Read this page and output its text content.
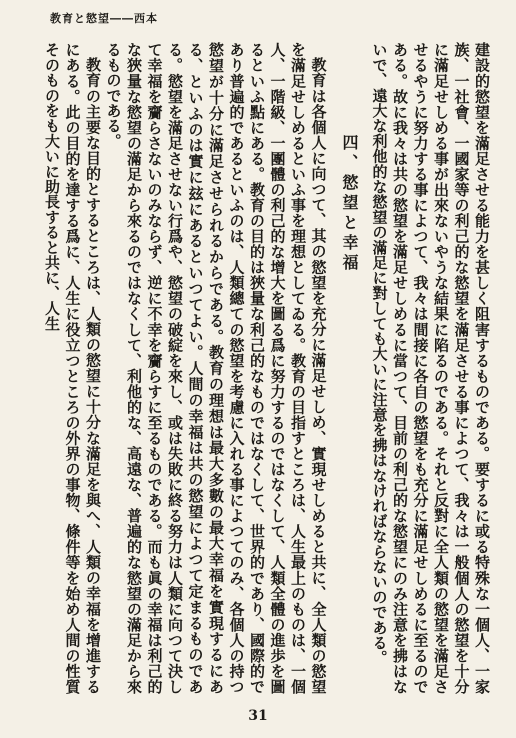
教育と慾望――西本

建設的慾望を滿足させる能力を甚しく阻害するものである。要するに或る特殊な一個人、一家族、一社會、一國家等の利己的な慾望を滿足させる事によつて、我々は一般個人の慾望を十分に滿足せしめる事が出來ないやうな結果に陷るのである。それと反對に全人類の慾望を滿足させるやうに努力する事によつて、我々は間接に各自の慾望をも充分に滿足せしめるに至るのである。故に我々は共の慾望を滿足せしめるに當つて、目前の利己的な慾望にのみ注意を拂はないで、遠大な利他的な慾望の滿足に對しても大いに注意を拂はなければならないのである。

四、慾望と幸福

教育は各個人に向つて、其の慾望を充分に滿足せしめ、實現せしめると共に、全人類の慾望を滿足せしめるといふ事を理想としてゐる。教育の目指すところは、人生最上のものは、一個人、一階級、一團體の利己的な增大を圖る爲に努力するのではなくして、人類全體の進歩を圖るといふ點にある。教育の目的は狹量な利己的なものではなくして、世界的であり、國際的であり普遍的であるといふのは、人類總ての慾望を考慮に入れる事によつてのみ、各個人の持つ慾望が十分に滿足させられるからである。教育の理想は最大多數の最大幸福を實現するにある、といふのは實に玆にあるといつてよい。人間の幸福は共の慾望によつて定まるものである。慾望を滿足させない行爲や、慾望の破綻を來し、或は失敗に終る努力は人類に向つて決して幸福を齎らさないのみならず、逆に不幸を齎らすに至るものである。而も眞の幸福は利己的な狹量な慾望の滿足から來るのではなくして、利他的な、高遠な、普遍的な慾望の滿足から來るものである。

教育の主要な目的とするところは、人類の慾望に十分な滿足を與へ、人類の幸福を增進するにある。此の目的を達する爲に、人生に役立つところの外界の事物、條件等を始め人間の性質そのものをも大いに助長すると共に、人生

31
